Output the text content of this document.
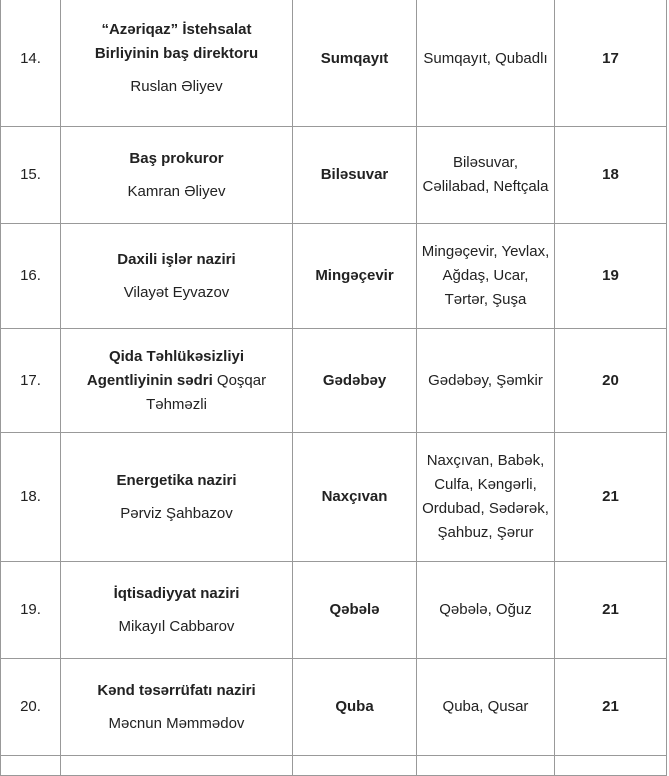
14.	“Azəriqaz” İstehsalat
Birliyinin baş direktoru
Ruslan Əliyev	Sumqayıt	Sumqayıt, Qubadlı	17
15.	Baş prokuror
Kamran Əliyev	Biləsuvar	Biləsuvar,
Cəlilabad, Neftçala	18
16.	Daxili işlər naziri
Vilayət Eyvazov	Mingəçevir	Mingəçevir, Yevlax,
Ağdaş, Ucar,
Tərtər, Şuşa	19
17.	Qida Təhlükəsizliyi
Agentliyinin sədri Qoşqar
Təhməzli	Gədəbəy	Gədəbəy, Şəmkir	20
18.	Energetika naziri
Pərviz Şahbazov	Naxçıvan	Naxçıvan, Babək,
Culfa, Kəngərli,
Ordubad, Sədərək,
Şahbuz, Şərur	21
19.	İqtisadiyyat naziri
Mikayıl Cabbarov	Qəbələ	Qəbələ, Oğuz	21
20.	Kənd təsərrüfatı naziri
Məcnun Məmmədov	Quba	Quba, Qusar	21
